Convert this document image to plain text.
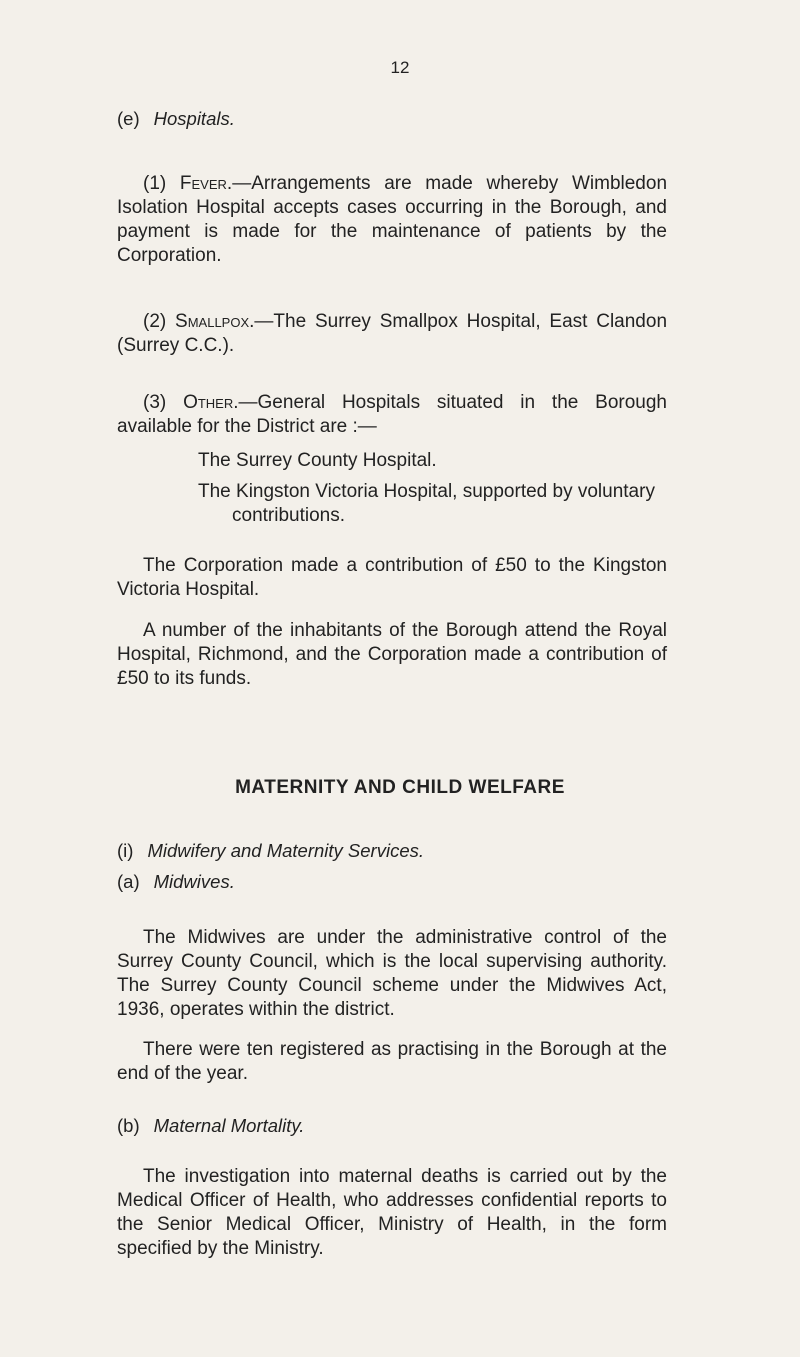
12

(e) Hospitals.

(1) Fever.—Arrangements are made whereby Wimbledon Isolation Hospital accepts cases occurring in the Borough, and payment is made for the maintenance of patients by the Corporation.

(2) Smallpox.—The Surrey Smallpox Hospital, East Clandon (Surrey C.C.).

(3) Other.—General Hospitals situated in the Borough available for the District are :—

The Surrey County Hospital.

The Kingston Victoria Hospital, supported by voluntary contributions.

The Corporation made a contribution of £50 to the Kingston Victoria Hospital.

A number of the inhabitants of the Borough attend the Royal Hospital, Richmond, and the Corporation made a contribution of £50 to its funds.

MATERNITY AND CHILD WELFARE

(i) Midwifery and Maternity Services.

(a) Midwives.

The Midwives are under the administrative control of the Surrey County Council, which is the local supervising authority. The Surrey County Council scheme under the Midwives Act, 1936, operates within the district.

There were ten registered as practising in the Borough at the end of the year.

(b) Maternal Mortality.

The investigation into maternal deaths is carried out by the Medical Officer of Health, who addresses confidential reports to the Senior Medical Officer, Ministry of Health, in the form specified by the Ministry.
